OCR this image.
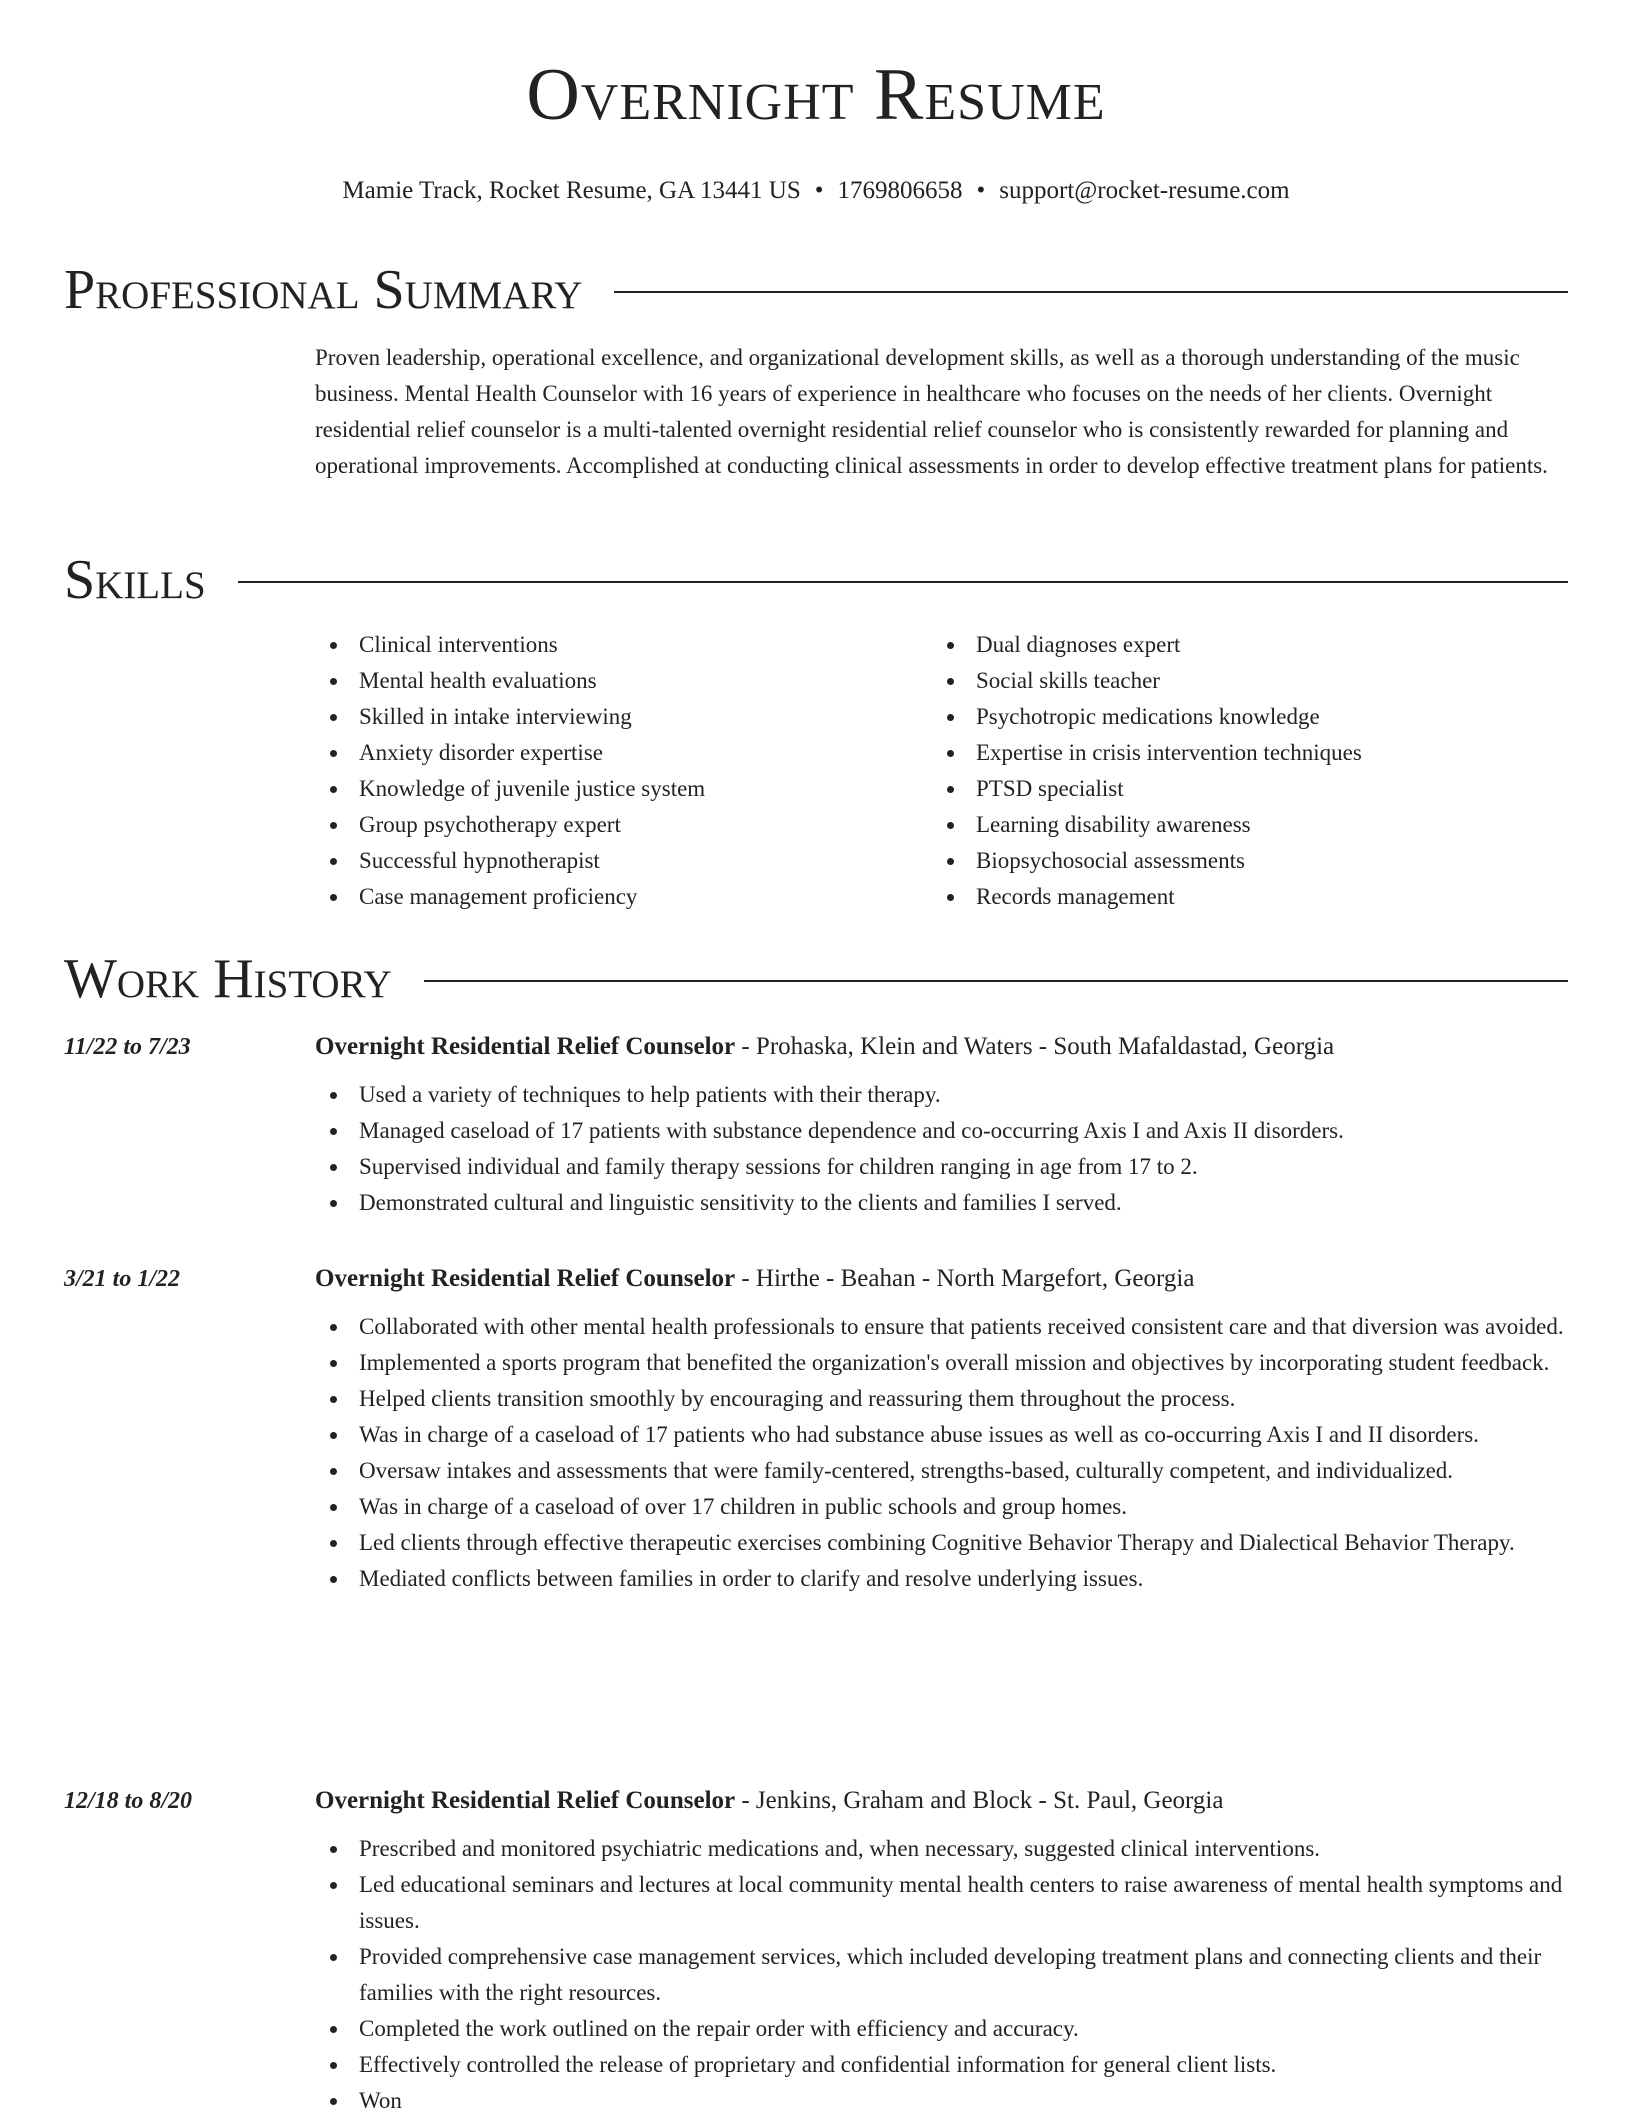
Overnight Resume
Mamie Track, Rocket Resume, GA 13441 US • 1769806658 • support@rocket-resume.com
Professional Summary

Proven leadership, operational excellence, and organizational development skills, as well as a thorough understanding of the music business. Mental Health Counselor with 16 years of experience in healthcare who focuses on the needs of her clients. Overnight residential relief counselor is a multi-talented overnight residential relief counselor who is consistently rewarded for planning and operational improvements. Accomplished at conducting clinical assessments in order to develop effective treatment plans for patients.

Skills
Clinical interventions
Mental health evaluations
Skilled in intake interviewing
Anxiety disorder expertise
Knowledge of juvenile justice system
Group psychotherapy expert
Successful hypnotherapist
Case management proficiency
Dual diagnoses expert
Social skills teacher
Psychotropic medications knowledge
Expertise in crisis intervention techniques
PTSD specialist
Learning disability awareness
Biopsychosocial assessments
Records management
Work History
11/22 to 7/23	Overnight Residential Relief Counselor - Prohaska, Klein and Waters - South Mafaldastad, Georgia
Used a variety of techniques to help patients with their therapy.
Managed caseload of 17 patients with substance dependence and co-occurring Axis I and Axis II disorders.
Supervised individual and family therapy sessions for children ranging in age from 17 to 2.
Demonstrated cultural and linguistic sensitivity to the clients and families I served.
3/21 to 1/22	Overnight Residential Relief Counselor - Hirthe - Beahan - North Margefort, Georgia
Collaborated with other mental health professionals to ensure that patients received consistent care and that diversion was avoided.
Implemented a sports program that benefited the organization's overall mission and objectives by incorporating student feedback.
Helped clients transition smoothly by encouraging and reassuring them throughout the process.
Was in charge of a caseload of 17 patients who had substance abuse issues as well as co-occurring Axis I and II disorders.
Oversaw intakes and assessments that were family-centered, strengths-based, culturally competent, and individualized.
Was in charge of a caseload of over 17 children in public schools and group homes.
Led clients through effective therapeutic exercises combining Cognitive Behavior Therapy and Dialectical Behavior Therapy.
Mediated conflicts between families in order to clarify and resolve underlying issues.
12/18 to 8/20	Overnight Residential Relief Counselor - Jenkins, Graham and Block - St. Paul, Georgia
Prescribed and monitored psychiatric medications and, when necessary, suggested clinical interventions.
Led educational seminars and lectures at local community mental health centers to raise awareness of mental health symptoms and issues.
Provided comprehensive case management services, which included developing treatment plans and connecting clients and their families with the right resources.
Completed the work outlined on the repair order with efficiency and accuracy.
Effectively controlled the release of proprietary and confidential information for general client lists.
Won
